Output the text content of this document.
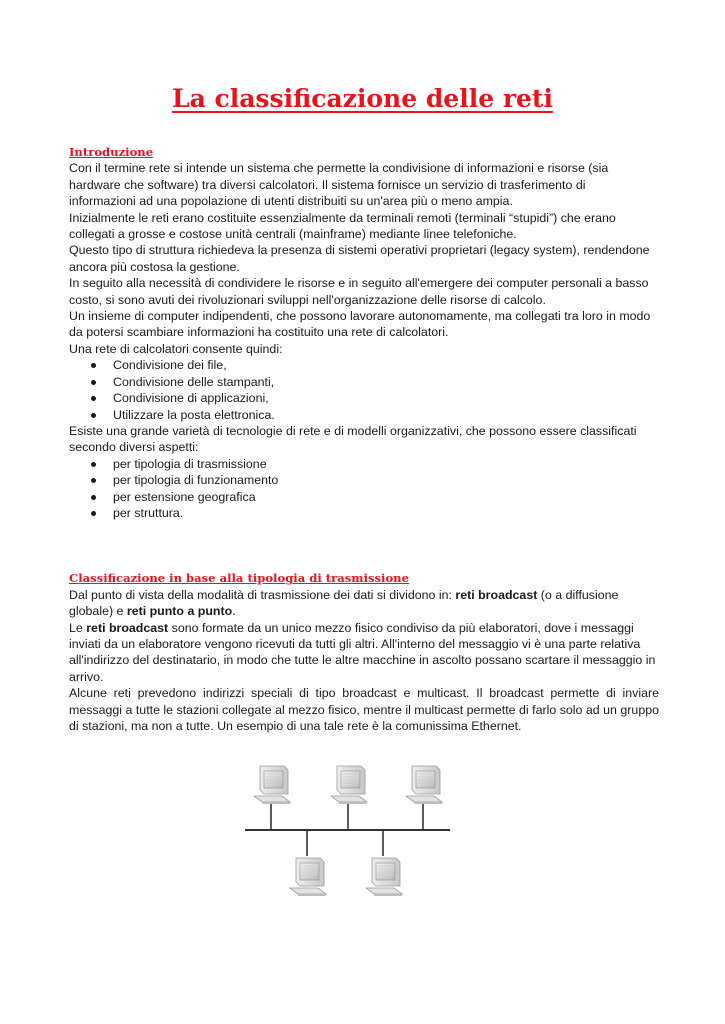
La classificazione delle reti

Introduzione

Con il termine rete si intende un sistema che permette la condivisione di informazioni e risorse (sia

hardware che software) tra diversi calcolatori. Il sistema fornisce un servizio di trasferimento di

informazioni ad una popolazione di utenti distribuiti su un'area più o meno ampia.

Inizialmente le reti erano costituite essenzialmente da terminali remoti (terminali “stupidi”) che erano

collegati a grosse e costose unità centrali (mainframe) mediante linee telefoniche.

Questo tipo di struttura richiedeva la presenza di sistemi operativi proprietari (legacy system), rendendone

ancora più costosa la gestione.

In seguito alla necessità di condividere le risorse e in seguito all'emergere dei computer personali a basso

costo, si sono avuti dei rivoluzionari sviluppi nell'organizzazione delle risorse di calcolo.

Un insieme di computer indipendenti, che possono lavorare autonomamente, ma collegati tra loro in modo

da potersi scambiare informazioni ha costituito una rete di calcolatori.

Una rete di calcolatori consente quindi:

Condivisione dei file,
Condivisione delle stampanti,
Condivisione di applicazioni,
Utilizzare la posta elettronica.

Esiste una grande varietà di tecnologie di rete e di modelli organizzativi, che possono essere classificati

secondo diversi aspetti:

per tipologia di trasmissione
per tipologia di funzionamento
per estensione geografica
per struttura.

Classificazione in base alla tipologia di trasmissione

Dal punto di vista della modalità di trasmissione dei dati si dividono in: reti broadcast (o a diffusione
globale) e reti punto a punto.

Le reti broadcast sono formate da un unico mezzo fisico condiviso da più elaboratori, dove i messaggi

inviati da un elaboratore vengono ricevuti da tutti gli altri. All'interno del messaggio vi è una parte relativa

all'indirizzo del destinatario, in modo che tutte le altre macchine in ascolto possano scartare il messaggio in

arrivo.

Alcune reti prevedono indirizzi speciali di tipo broadcast e multicast. Il broadcast permette di inviare messaggi a tutte le stazioni collegate al mezzo fisico, mentre il multicast permette di farlo solo ad un gruppo di stazioni, ma non a tutte. Un esempio di una tale rete è la comunissima Ethernet.
